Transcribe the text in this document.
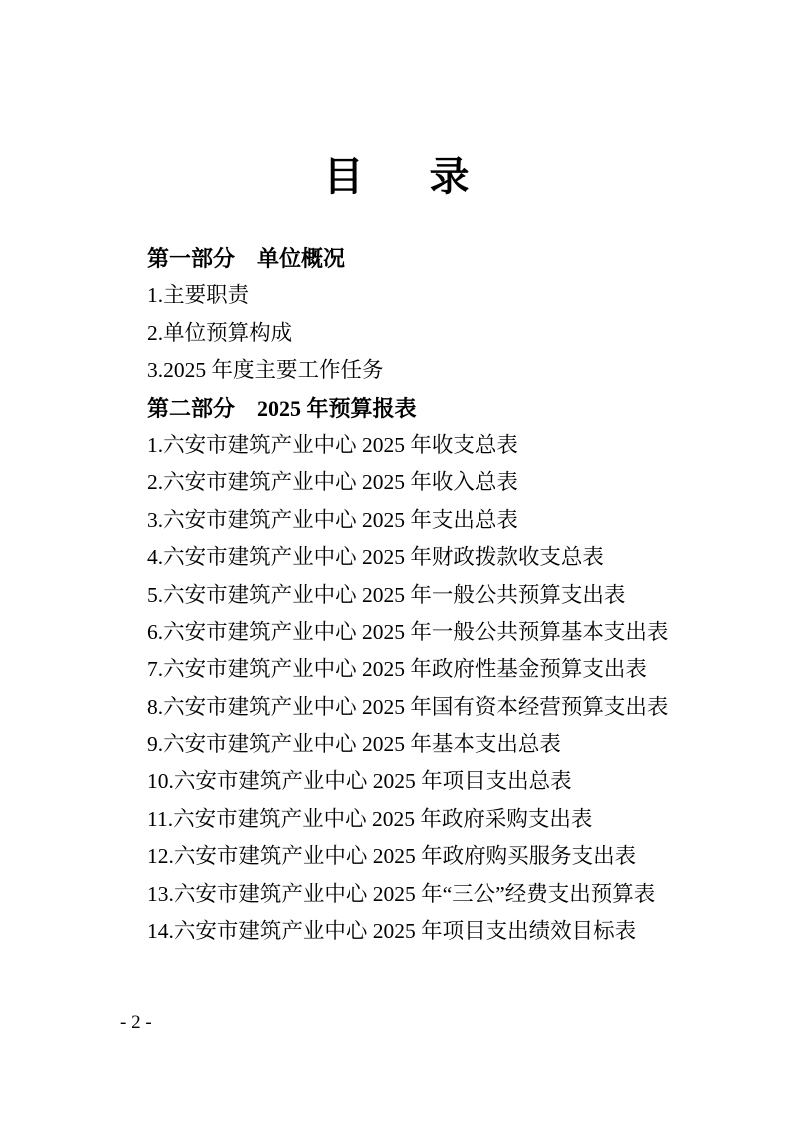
目 录
第一部分　单位概况
1.主要职责
2.单位预算构成
3.2025 年度主要工作任务
第二部分　2025 年预算报表
1.六安市建筑产业中心 2025 年收支总表
2.六安市建筑产业中心 2025 年收入总表
3.六安市建筑产业中心 2025 年支出总表
4.六安市建筑产业中心 2025 年财政拨款收支总表
5.六安市建筑产业中心 2025 年一般公共预算支出表
6.六安市建筑产业中心 2025 年一般公共预算基本支出表
7.六安市建筑产业中心 2025 年政府性基金预算支出表
8.六安市建筑产业中心 2025 年国有资本经营预算支出表
9.六安市建筑产业中心 2025 年基本支出总表
10.六安市建筑产业中心 2025 年项目支出总表
11.六安市建筑产业中心 2025 年政府采购支出表
12.六安市建筑产业中心 2025 年政府购买服务支出表
13.六安市建筑产业中心 2025 年“三公”经费支出预算表
14.六安市建筑产业中心 2025 年项目支出绩效目标表
- 2 -
